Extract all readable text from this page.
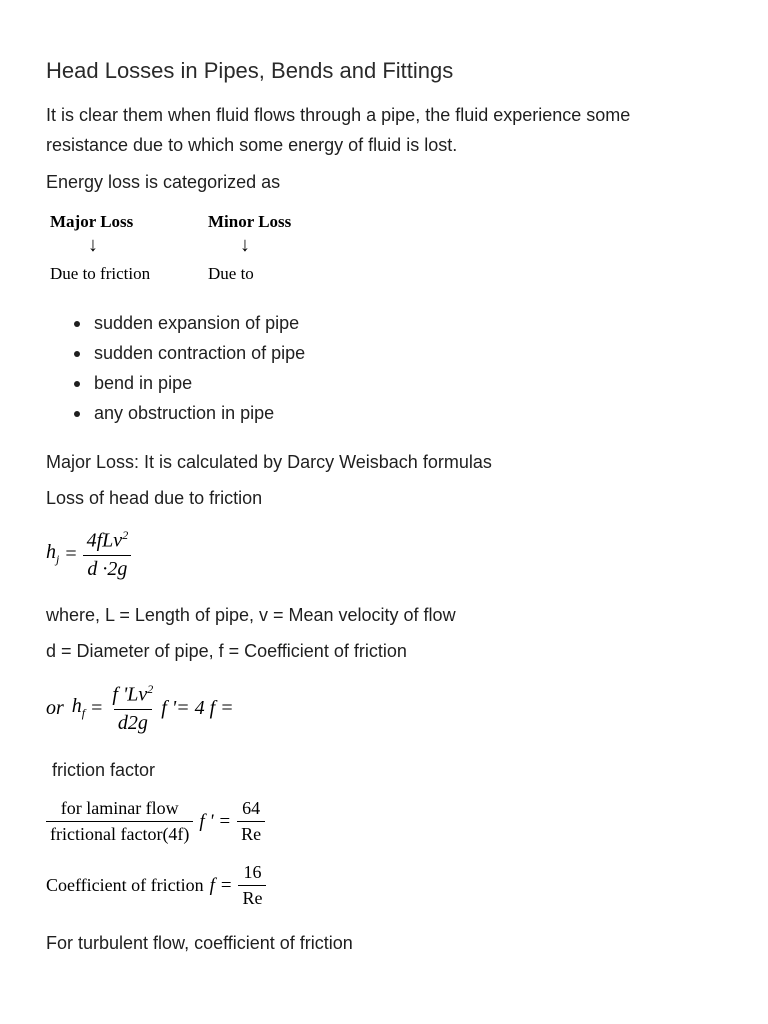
Head Losses in Pipes, Bends and Fittings
It is clear them when fluid flows through a pipe, the fluid experience some
resistance due to which some energy of fluid is lost.
Energy loss is categorized as
Major Loss	Minor Loss
↓	↓
Due to friction	Due to
sudden expansion of pipe
sudden contraction of pipe
bend in pipe
any obstruction in pipe
Major Loss: It is calculated by Darcy Weisbach formulas
Loss of head due to friction
$h_j = \frac{4fLv^2}{d \cdot 2g}$
where, L = Length of pipe, v = Mean velocity of flow
d = Diameter of pipe, f = Coefficient of friction
or $h_f = \frac{f 'Lv^2}{d2g}$ f '= 4 f =
friction factor
$\frac{\text{for laminar flow}}{\text{frictional factor(4f)}}$ f ' = $\frac{64}{Re}$
Coefficient of friction $f = \frac{16}{Re}$
For turbulent flow, coefficient of friction
